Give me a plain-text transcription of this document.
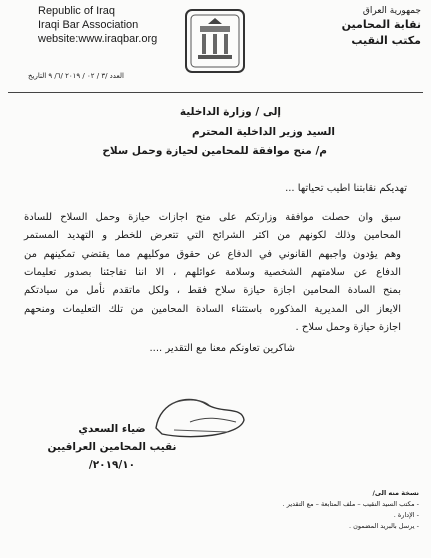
Republic of Iraq
Iraqi Bar Association
website:www.iraqbar.org
العدد /٣ / ٠٢ / ٢٠١٩ /٦/ ٩ التاريخ
جمهورية العراق
نقابة المحامين
مكتب النقيب
إلى / وزارة الداخلية
السيد وزير الداخلية المحترم
م/ منح موافقة للمحامين لحيازة وحمل سلاح
تهديكم نقابتنا اطيب تحياتها ...
سبق وان حصلت موافقة وزارتكم على منح اجازات حيازة وحمل السلاح للسادة
المحامين وذلك لكونهم من اكثر الشرائح التي تتعرض للخطر و التهديد المستمر
وهم يؤدون واجبهم القانوني في الدفاع عن حقوق موكليهم مما يقتضي تمكينهم من
الدفاع عن سلامتهم الشخصية وسلامة عوائلهم ، الا اننا تفاجئنا بصدور تعليمات
بمنح السادة المحامين اجازة حيازة سلاح فقط ، ولكل ماتقدم نأمل من سيادتكم
الايعاز الى المديرية المذكوره باستثناء السادة المحامين من تلك التعليمات ومنحهم
اجازة حيازة وحمل سلاح .
شاكرين تعاونكم معنا مع التقدير ....
ضياء السعدي
نقيب المحامين العراقيين
٢٠١٩/١٠/
نسخة منه الى/
- مكتب السيد النقيب – ملف المتابعة – مع التقدير .
- الإدارة .
- يرسل بالبريد المضمون .
